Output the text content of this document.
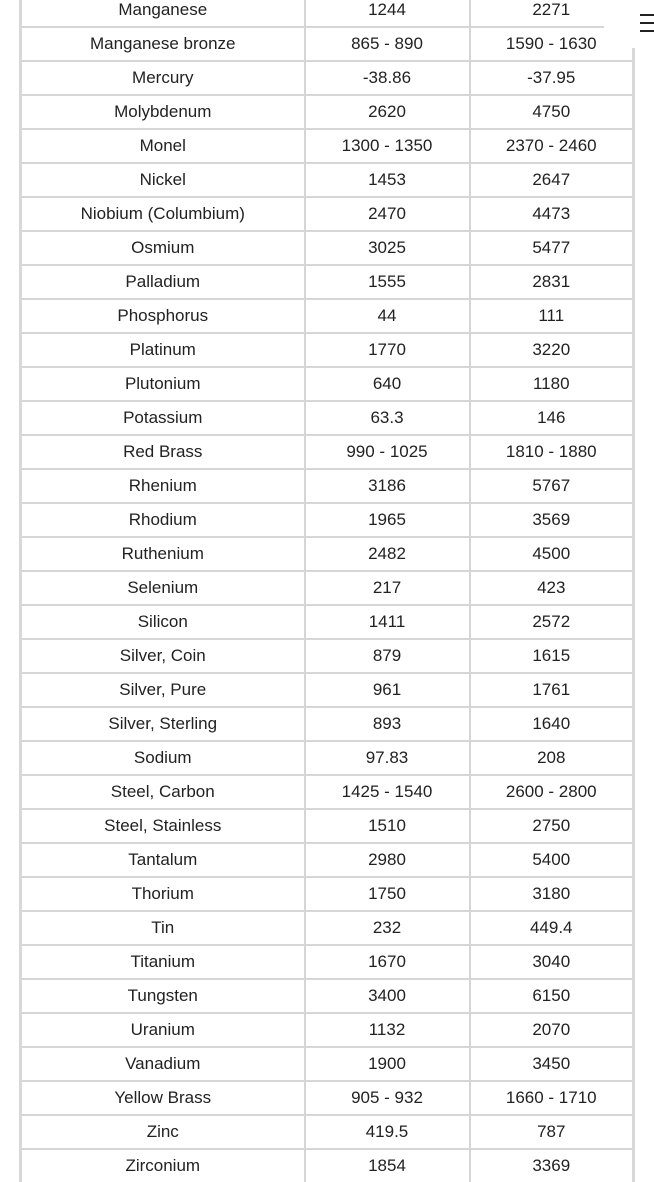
Manganese	1244	2271
Manganese bronze	865 - 890	1590 - 1630
Mercury	-38.86	-37.95
Molybdenum	2620	4750
Monel	1300 - 1350	2370 - 2460
Nickel	1453	2647
Niobium (Columbium)	2470	4473
Osmium	3025	5477
Palladium	1555	2831
Phosphorus	44	111
Platinum	1770	3220
Plutonium	640	1180
Potassium	63.3	146
Red Brass	990 - 1025	1810 - 1880
Rhenium	3186	5767
Rhodium	1965	3569
Ruthenium	2482	4500
Selenium	217	423
Silicon	1411	2572
Silver, Coin	879	1615
Silver, Pure	961	1761
Silver, Sterling	893	1640
Sodium	97.83	208
Steel, Carbon	1425 - 1540	2600 - 2800
Steel, Stainless	1510	2750
Tantalum	2980	5400
Thorium	1750	3180
Tin	232	449.4
Titanium	1670	3040
Tungsten	3400	6150
Uranium	1132	2070
Vanadium	1900	3450
Yellow Brass	905 - 932	1660 - 1710
Zinc	419.5	787
Zirconium	1854	3369
